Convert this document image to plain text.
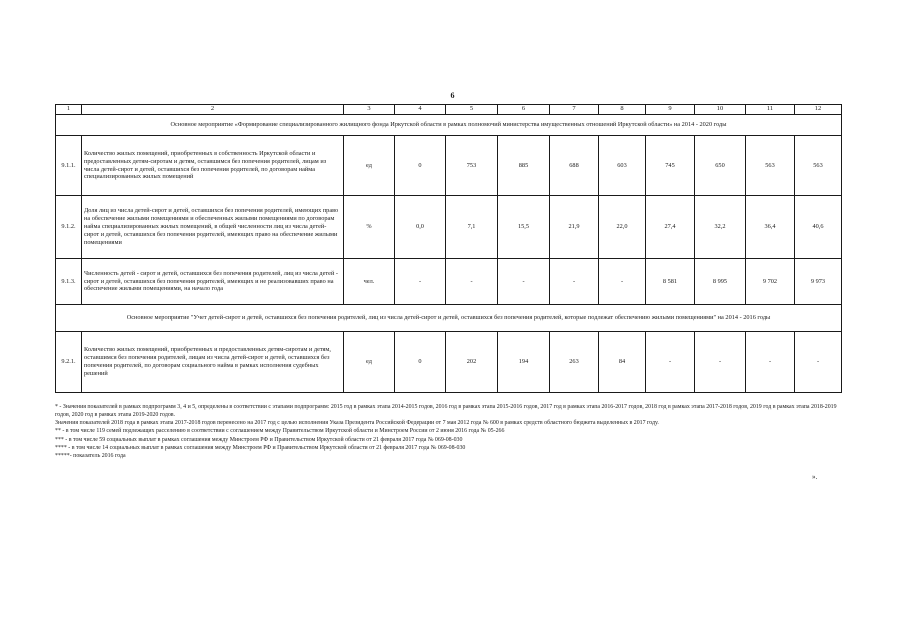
6
1	2	3	4	5	6	7	8	9	10	11	12
Основное мероприятие «Формирование специализированного жилищного фонда Иркутской области в рамках полномочий министерства имущественных отношений Иркутской области» на 2014 - 2020 годы											
9.1.1.	Количество жилых помещений, приобретенных в собственность Иркутской области и предоставленных детям-сиротам и детям, оставшимся без попечения родителей, лицам из числа детей-сирот и детей, оставшихся без попечения родителей, по договорам найма специализированных жилых помещений	ед	0	753	885	688	603	745	650	563	563
9.1.2.	Доля лиц из числа детей-сирот и детей, оставшихся без попечения родителей, имеющих право на обеспечение жилыми помещениями и обеспеченных жилыми помещениями по договорам найма специализированных жилых помещений, в общей численности лиц из числа детей-сирот и детей, оставшихся без попечения родителей, имеющих право на обеспечение жилыми помещениями	%	0,0	7,1	15,5	21,9	22,0	27,4	32,2	36,4	40,6
9.1.3.	Численность детей - сирот и детей, оставшихся без попечения родителей, лиц из числа детей - сирот и детей, оставшихся без попечения родителей, имеющих и не реализовавших право на обеспечение жилыми помещениями, на начало года	чел.	-	-	-	-	-	8 581	8 995	9 702	9 973
Основное мероприятие "Учет детей-сирот и детей, оставшихся без попечения родителей, лиц из числа детей-сирот и детей, оставшихся без попечения родителей, которые подлежат обеспечению жилыми помещениями" на 2014 - 2016 годы											
9.2.1.	Количество жилых помещений, приобретенных и предоставленных детям-сиротам и детям, оставшимся без попечения родителей, лицам из числа детей-сирот и детей, оставшихся без попечения родителей, по договорам социального найма в рамках исполнения судебных решений	ед	0	202	194	263	84	-	-	-	-

* - Значения показателей в рамках подпрограмм 3, 4 и 5, определены в соответствии с этапами подпрограмм: 2015 год в рамках этапа 2014-2015 годов, 2016 год в рамках этапа 2015-2016 годов, 2017 год в рамках этапа 2016-2017 годов, 2018 год в рамках этапа 2017-2018 годов, 2019 год в рамках этапа 2018-2019 годов, 2020 год в рамках этапа 2019-2020 годов.

Значения показателей 2018 года в рамках этапа 2017-2018 годов перенесено на 2017 год с целью исполнения Указа Президента Российской Федерации от 7 мая 2012 года № 600 в рамках средств областного бюджета выделенных в 2017 году.

** - в том числе 119 семей подлежащих расселению в соответствии с соглашением между Правительством Иркутской области и Минстроем России от 2 июня 2016 года № 05-266

*** - в том числе 59 социальных выплат в рамках соглашения между Минстроем РФ и Правительством Иркутской области от 21 февраля 2017 года № 069-08-030

**** - в том числе 14 социальных выплат в рамках соглашения между Минстроем РФ и Правительством Иркутской области от 21 февраля 2017 года № 069-08-030

*****- показатель 2016 года

».
